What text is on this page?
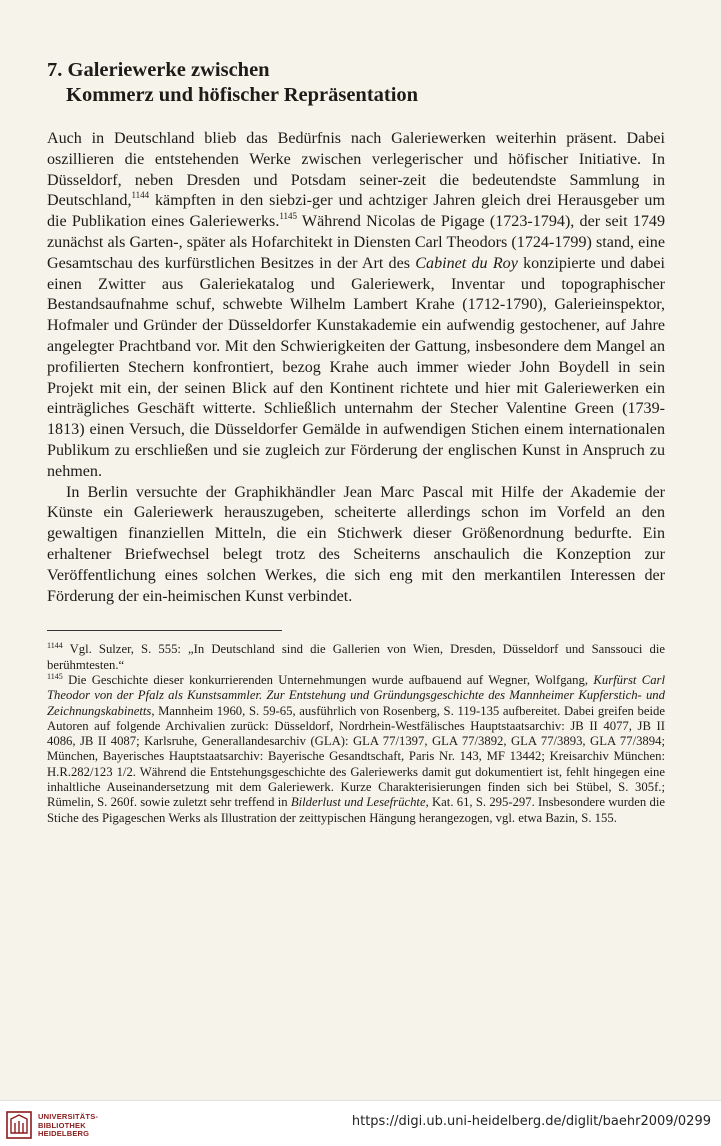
7. Galeriewerke zwischen
Kommerz und höfischer Repräsentation

Auch in Deutschland blieb das Bedürfnis nach Galeriewerken weiterhin präsent. Dabei oszillieren die entstehenden Werke zwischen verlegerischer und höfischer Initiative. In Düsseldorf, neben Dresden und Potsdam seiner-zeit die bedeutendste Sammlung in Deutschland,$^{1144}$ kämpften in den siebzi-ger und achtziger Jahren gleich drei Herausgeber um die Publikation eines Galeriewerks.$^{1145}$ Während Nicolas de Pigage (1723-1794), der seit 1749 zunächst als Garten-, später als Hofarchitekt in Diensten Carl Theodors (1724-1799) stand, eine Gesamtschau des kurfürstlichen Besitzes in der Art des Cabinet du Roy konzipierte und dabei einen Zwitter aus Galeriekatalog und Galeriewerk, Inventar und topographischer Bestandsaufnahme schuf, schwebte Wilhelm Lambert Krahe (1712-1790), Galerieinspektor, Hofmaler und Gründer der Düsseldorfer Kunstakademie ein aufwendig gestochener, auf Jahre angelegter Prachtband vor. Mit den Schwierigkeiten der Gattung, insbesondere dem Mangel an profilierten Stechern konfrontiert, bezog Krahe auch immer wieder John Boydell in sein Projekt mit ein, der seinen Blick auf den Kontinent richtete und hier mit Galeriewerken ein einträgliches Geschäft witterte. Schließlich unternahm der Stecher Valentine Green (1739-1813) einen Versuch, die Düsseldorfer Gemälde in aufwendigen Stichen einem internationalen Publikum zu erschließen und sie zugleich zur Förderung der englischen Kunst in Anspruch zu nehmen.

In Berlin versuchte der Graphikhändler Jean Marc Pascal mit Hilfe der Akademie der Künste ein Galeriewerk herauszugeben, scheiterte allerdings schon im Vorfeld an den gewaltigen finanziellen Mitteln, die ein Stichwerk dieser Größenordnung bedurfte. Ein erhaltener Briefwechsel belegt trotz des Scheiterns anschaulich die Konzeption zur Veröffentlichung eines solchen Werkes, die sich eng mit den merkantilen Interessen der Förderung der ein-heimischen Kunst verbindet.

$^{1144}$ Vgl. Sulzer, S. 555: „In Deutschland sind die Gallerien von Wien, Dresden, Düsseldorf und Sanssouci die berühmtesten.“

$^{1145}$ Die Geschichte dieser konkurrierenden Unternehmungen wurde aufbauend auf Wegner, Wolfgang, Kurfürst Carl Theodor von der Pfalz als Kunstsammler. Zur Entstehung und Gründungsgeschichte des Mannheimer Kupferstich- und Zeichnungskabinetts, Mannheim 1960, S. 59-65, ausführlich von Rosenberg, S. 119-135 aufbereitet. Dabei greifen beide Autoren auf folgende Archivalien zurück: Düsseldorf, Nordrhein-Westfälisches Hauptstaatsarchiv: JB II 4077, JB II 4086, JB II 4087; Karlsruhe, Generallandesarchiv (GLA): GLA 77/1397, GLA 77/3892, GLA 77/3893, GLA 77/3894; München, Bayerisches Hauptstaatsarchiv: Bayerische Gesandtschaft, Paris Nr. 143, MF 13442; Kreisarchiv München: H.R.282/123 1/2. Während die Entstehungsgeschichte des Galeriewerks damit gut dokumentiert ist, fehlt hingegen eine inhaltliche Auseinandersetzung mit dem Galeriewerk. Kurze Charakterisierungen finden sich bei Stübel, S. 305f.; Rümelin, S. 260f. sowie zuletzt sehr treffend in Bilderlust und Lesefrüchte, Kat. 61, S. 295-297. Insbesondere wurden die Stiche des Pigageschen Werks als Illustration der zeittypischen Hängung herangezogen, vgl. etwa Bazin, S. 155.

UNIVERSITÄTS-
BIBLIOTHEK
HEIDELBERG
https://digi.ub.uni-heidelberg.de/diglit/baehr2009/0299
